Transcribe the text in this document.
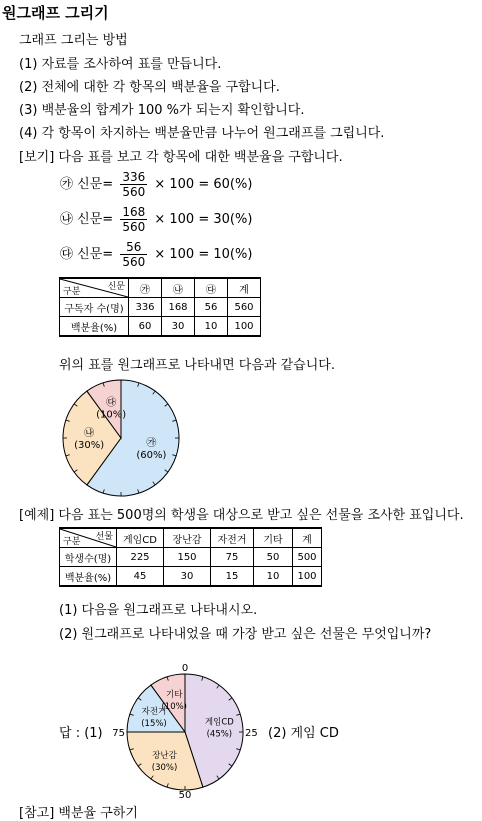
원그래프 그리기
그래프 그리는 방법
(1) 자료를 조사하여 표를 만듭니다.
(2) 전체에 대한 각 항목의 백분율을 구합니다.
(3) 백분율의 합계가 100 %가 되는지 확인합니다.
(4) 각 항목이 차지하는 백분율만큼 나누어 원그래프를 그립니다.
[보기] 다음 표를 보고 각 항목에 대한 백분율을 구합니다.
㉮ 신문= $\frac{336}{560} \times 100 = 60(\%)$
㉯ 신문= $\frac{168}{560} \times 100 = 30(\%)$
㉰ 신문= $\frac{56}{560} \times 100 = 10(\%)$
신문
구분	㉮	㉯	㉰	계
구독자 수(명)	336	168	56	560
백분율(%)	60	30	10	100
위의 표를 원그래프로 나타내면 다음과 같습니다.
㉮
(60%)
㉯
(30%)
㉰
(10%)
[예제] 다음 표는 500명의 학생을 대상으로 받고 싶은 선물을 조사한 표입니다.
선물
구분	게임CD	장난감	자전거	기타	계
학생수(명)	225	150	75	50	500
백분율(%)	45	30	15	10	100
(1) 다음을 원그래프로 나타내시오.
(2) 원그래프로 나타내었을 때 가장 받고 싶은 선물은 무엇입니까?
답 : (1)	(2) 게임 CD
게임CD
(45%)
장난감
(30%)
자전거
(15%)
기타
(10%)
0
25
50
75
[참고] 백분율 구하기
